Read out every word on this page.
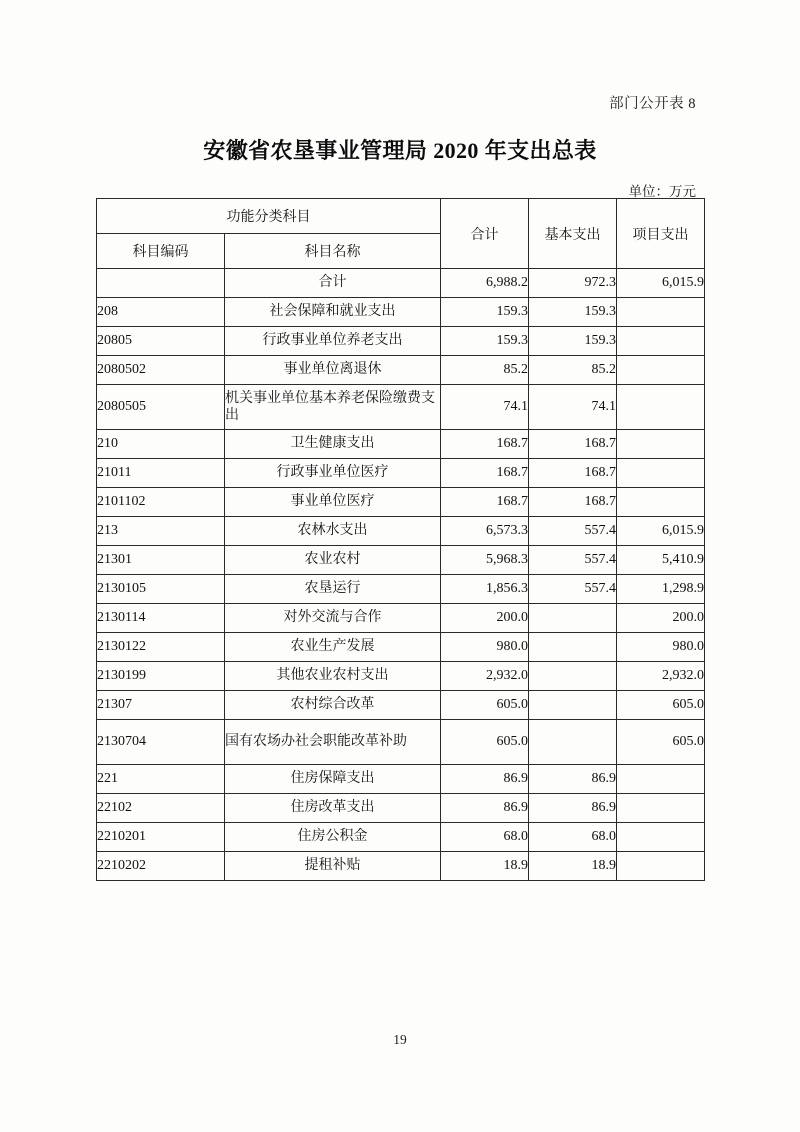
部门公开表 8
安徽省农垦事业管理局 2020 年支出总表
单位：万元
功能分类科目		合计	基本支出	项目支出
科目编码	科目名称			
	合计	6,988.2	972.3	6,015.9
208	社会保障和就业支出	159.3	159.3	
20805	行政事业单位养老支出	159.3	159.3	
2080502	事业单位离退休	85.2	85.2	
2080505	机关事业单位基本养老保险缴费支出	74.1	74.1	
210	卫生健康支出	168.7	168.7	
21011	行政事业单位医疗	168.7	168.7	
2101102	事业单位医疗	168.7	168.7	
213	农林水支出	6,573.3	557.4	6,015.9
21301	农业农村	5,968.3	557.4	5,410.9
2130105	农垦运行	1,856.3	557.4	1,298.9
2130114	对外交流与合作	200.0		200.0
2130122	农业生产发展	980.0		980.0
2130199	其他农业农村支出	2,932.0		2,932.0
21307	农村综合改革	605.0		605.0
2130704	国有农场办社会职能改革补助	605.0		605.0
221	住房保障支出	86.9	86.9	
22102	住房改革支出	86.9	86.9	
2210201	住房公积金	68.0	68.0	
2210202	提租补贴	18.9	18.9	
19
